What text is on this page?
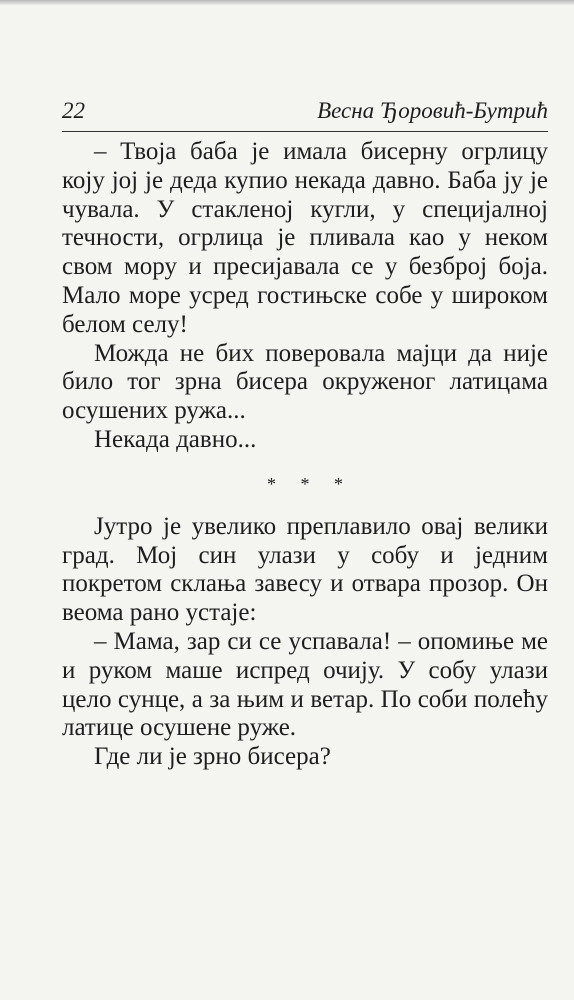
22	Весна Ђоровић-Бутрић

– Твоја баба је имала бисерну огрлицу коју јој је деда купио некада давно. Баба ју је чувала. У стакленој кугли, у специјалној течности, огрлица је пливала као у неком свом мору и пресијавала се у безброј боја. Мало море усред гостињске собе у широком белом селу!

Можда не бих поверовала мајци да није било тог зрна бисера окруженог латицама осушених ружа...

Некада давно...

* * *

Јутро је увелико преплавило овај велики град. Мој син улази у собу и једним покретом склања завесу и отвара прозор. Он веома рано устаје:

– Мама, зар си се успавала! – опомиње ме и руком маше испред очију. У собу улази цело сунце, а за њим и ветар. По соби полећу латице осушене руже.

Где ли је зрно бисера?
